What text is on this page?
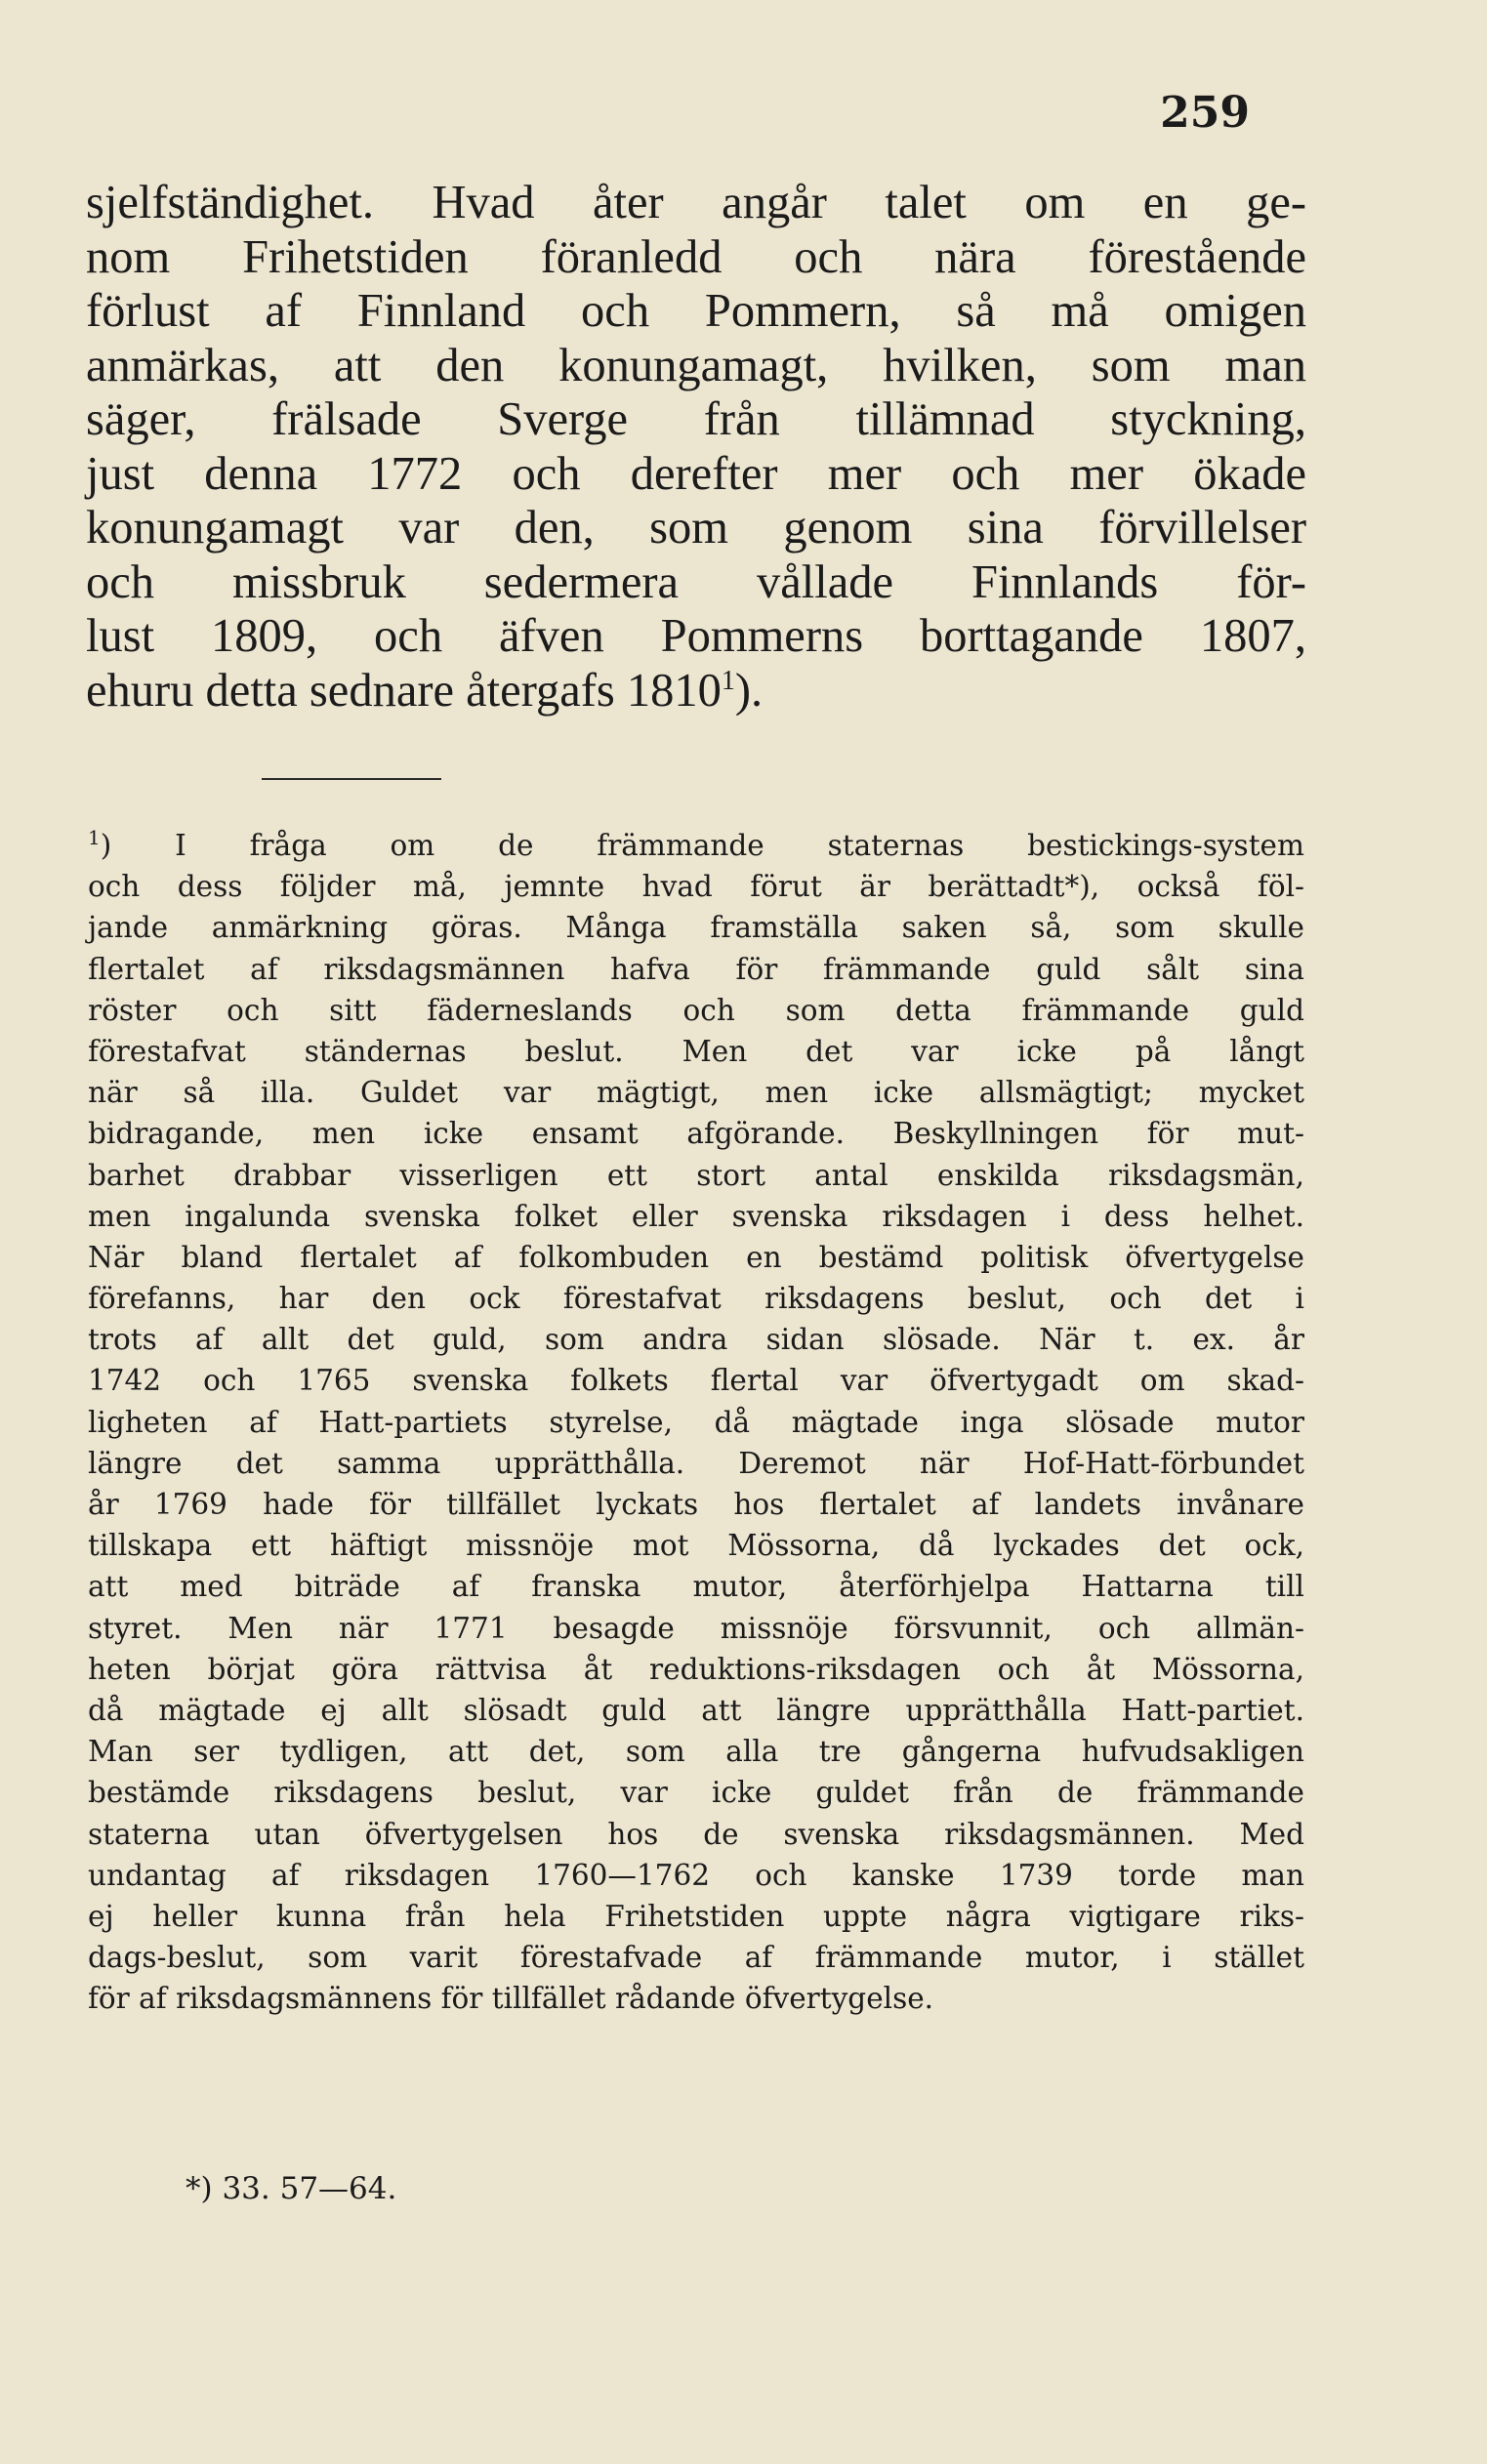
259
sjelfständighet. Hvad åter angår talet om en ge-
nom Frihetstiden föranledd och nära förestående
förlust af Finnland och Pommern, så må omigen
anmärkas, att den konungamagt, hvilken, som man
säger, frälsade Sverge från tillämnad styckning,
just denna 1772 och derefter mer och mer ökade
konungamagt var den, som genom sina förvillelser
och missbruk sedermera vållade Finnlands för-
lust 1809, och äfven Pommerns borttagande 1807,
ehuru detta sednare återgafs 1810$^1$).
$^1$) I fråga om de främmande staternas bestickings-system
och dess följder må, jemnte hvad förut är berättadt*), också föl-
jande anmärkning göras. Många framställa saken så, som skulle
flertalet af riksdagsmännen hafva för främmande guld sålt sina
röster och sitt fäderneslands och som detta främmande guld
förestafvat ständernas beslut. Men det var icke på långt
när så illa. Guldet var mägtigt, men icke allsmägtigt; mycket
bidragande, men icke ensamt afgörande. Beskyllningen för mut-
barhet drabbar visserligen ett stort antal enskilda riksdagsmän,
men ingalunda svenska folket eller svenska riksdagen i dess helhet.
När bland flertalet af folkombuden en bestämd politisk öfvertygelse
förefanns, har den ock förestafvat riksdagens beslut, och det i
trots af allt det guld, som andra sidan slösade. När t. ex. år
1742 och 1765 svenska folkets flertal var öfvertygadt om skad-
ligheten af Hatt-partiets styrelse, då mägtade inga slösade mutor
längre det samma upprätthålla. Deremot när Hof-Hatt-förbundet
år 1769 hade för tillfället lyckats hos flertalet af landets invånare
tillskapa ett häftigt missnöje mot Mössorna, då lyckades det ock,
att med biträde af franska mutor, återförhjelpa Hattarna till
styret. Men när 1771 besagde missnöje försvunnit, och allmän-
heten börjat göra rättvisa åt reduktions-riksdagen och åt Mössorna,
då mägtade ej allt slösadt guld att längre upprätthålla Hatt-partiet.
Man ser tydligen, att det, som alla tre gångerna hufvudsakligen
bestämde riksdagens beslut, var icke guldet från de främmande
staterna utan öfvertygelsen hos de svenska riksdagsmännen. Med
undantag af riksdagen 1760—1762 och kanske 1739 torde man
ej heller kunna från hela Frihetstiden uppte några vigtigare riks-
dags-beslut, som varit förestafvade af främmande mutor, i stället
för af riksdagsmännens för tillfället rådande öfvertygelse.
*) 33. 57—64.
